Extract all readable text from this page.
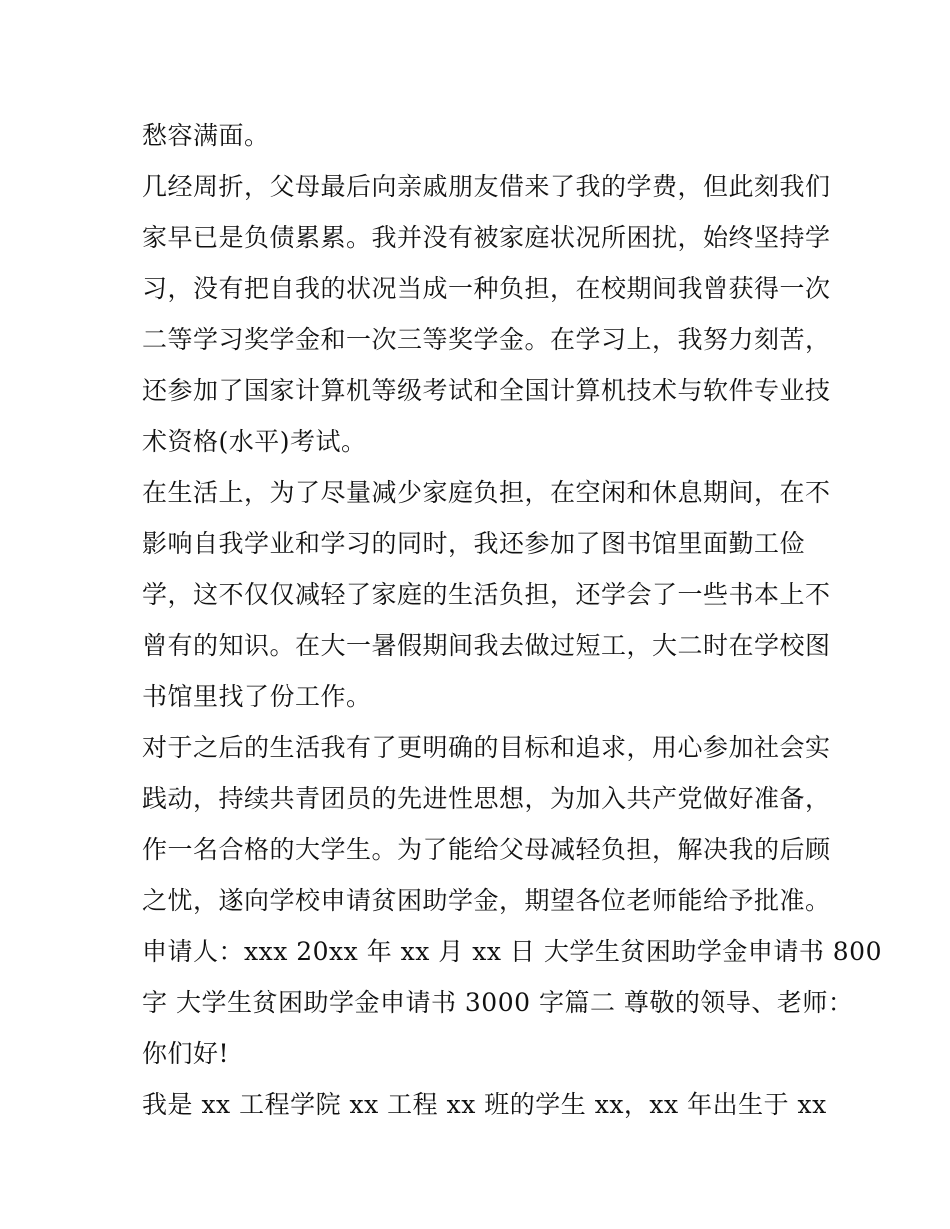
愁容满面。
几经周折，父母最后向亲戚朋友借来了我的学费，但此刻我们
家早已是负债累累。我并没有被家庭状况所困扰，始终坚持学
习，没有把自我的状况当成一种负担，在校期间我曾获得一次
二等学习奖学金和一次三等奖学金。在学习上，我努力刻苦，
还参加了国家计算机等级考试和全国计算机技术与软件专业技
术资格(水平)考试。
在生活上，为了尽量减少家庭负担，在空闲和休息期间，在不
影响自我学业和学习的同时，我还参加了图书馆里面勤工俭
学，这不仅仅减轻了家庭的生活负担，还学会了一些书本上不
曾有的知识。在大一暑假期间我去做过短工，大二时在学校图
书馆里找了份工作。
对于之后的生活我有了更明确的目标和追求，用心参加社会实
践动，持续共青团员的先进性思想，为加入共产党做好准备，
作一名合格的大学生。为了能给父母减轻负担，解决我的后顾
之忧，遂向学校申请贫困助学金，期望各位老师能给予批准。
申请人：xxx 20xx 年 xx 月 xx 日 大学生贫困助学金申请书 800
字 大学生贫困助学金申请书 3000 字篇二 尊敬的领导、老师：
你们好!
我是 xx 工程学院 xx 工程 xx 班的学生 xx，xx 年出生于 xx
